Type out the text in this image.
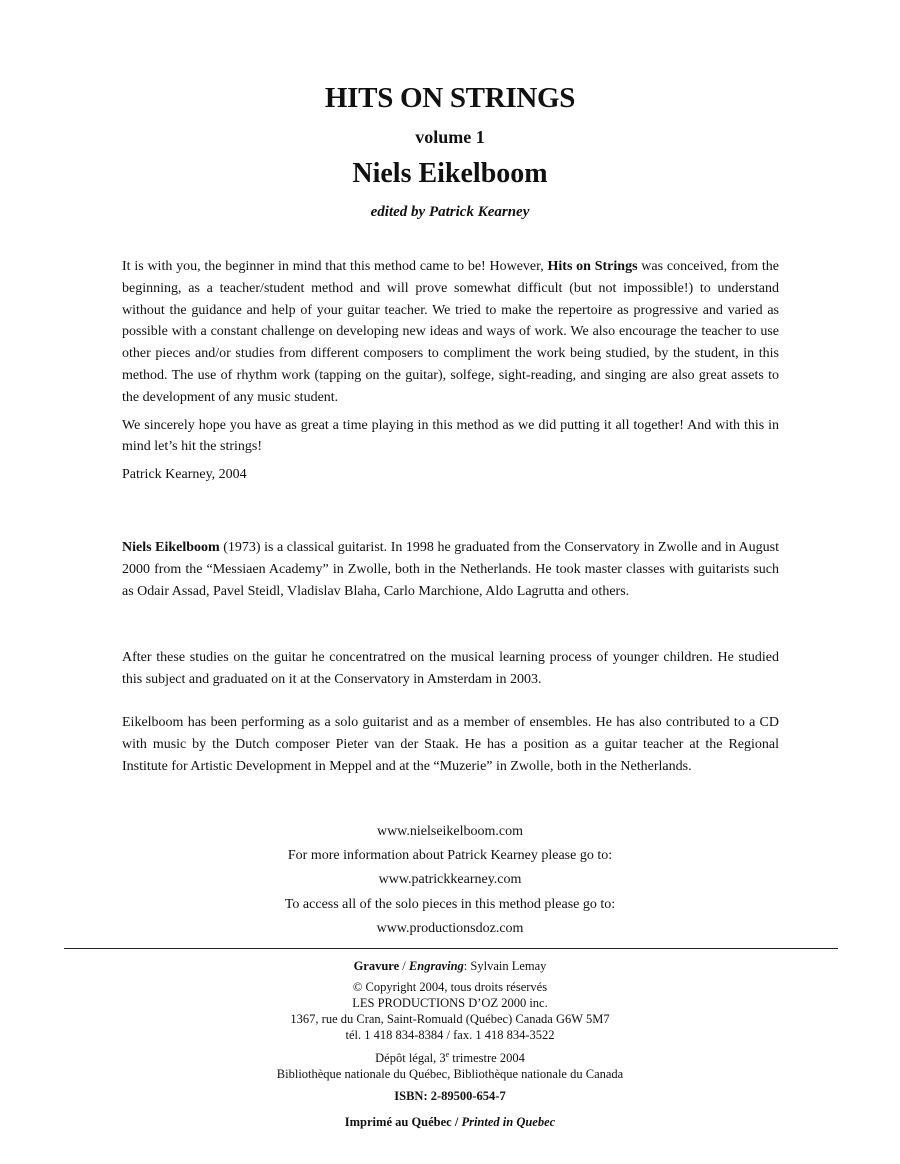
HITS ON STRINGS
volume 1
Niels Eikelboom
edited by Patrick Kearney

It is with you, the beginner in mind that this method came to be! However, Hits on Strings was conceived, from the beginning, as a teacher/student method and will prove somewhat difficult (but not impossible!) to understand without the guidance and help of your guitar teacher. We tried to make the repertoire as progressive and varied as possible with a constant challenge on developing new ideas and ways of work. We also encourage the teacher to use other pieces and/or studies from different composers to compliment the work being studied, by the student, in this method. The use of rhythm work (tapping on the guitar), solfege, sight-reading, and singing are also great assets to the development of any music student.

We sincerely hope you have as great a time playing in this method as we did putting it all together! And with this in mind let’s hit the strings!

Patrick Kearney, 2004

Niels Eikelboom (1973) is a classical guitarist. In 1998 he graduated from the Conservatory in Zwolle and in August 2000 from the “Messiaen Academy” in Zwolle, both in the Netherlands. He took master classes with guitarists such as Odair Assad, Pavel Steidl, Vladislav Blaha, Carlo Marchione, Aldo Lagrutta and others.

After these studies on the guitar he concentratred on the musical learning process of younger children. He studied this subject and graduated on it at the Conservatory in Amsterdam in 2003.

Eikelboom has been performing as a solo guitarist and as a member of ensembles. He has also contributed to a CD with music by the Dutch composer Pieter van der Staak. He has a position as a guitar teacher at the Regional Institute for Artistic Development in Meppel and at the “Muzerie” in Zwolle, both in the Netherlands.

www.nielseikelboom.com
For more information about Patrick Kearney please go to:
www.patrickkearney.com
To access all of the solo pieces in this method please go to:
www.productionsdoz.com
Gravure / Engraving: Sylvain Lemay
© Copyright 2004, tous droits réservés
LES PRODUCTIONS D’OZ 2000 inc.
1367, rue du Cran, Saint-Romuald (Québec) Canada G6W 5M7
tél. 1 418 834-8384 / fax. 1 418 834-3522
Dépôt légal, 3e trimestre 2004
Bibliothèque nationale du Québec, Bibliothèque nationale du Canada
ISBN: 2-89500-654-7
Imprimé au Québec / Printed in Quebec
